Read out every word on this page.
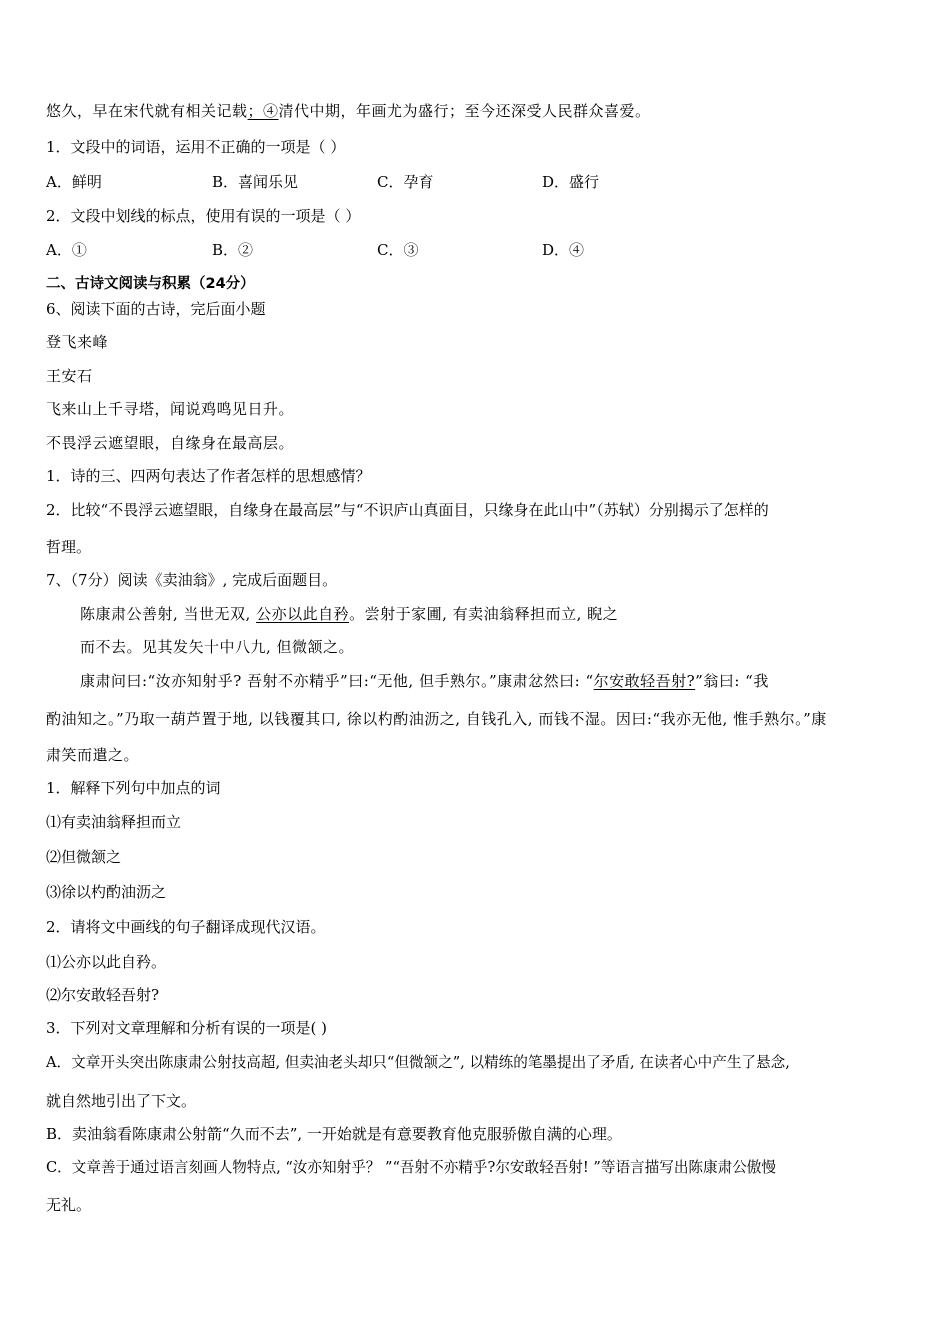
悠久，早在宋代就有相关记载；④清代中期，年画尤为盛行；至今还深受人民群众喜爱。
1．文段中的词语，运用不正确的一项是（ ）
A．鲜明	B．喜闻乐见	C．孕育	D．盛行
2．文段中划线的标点，使用有误的一项是（ ）
A．①	B．②	C．③	D．④
二、古诗文阅读与积累（24分）
6、阅读下面的古诗，完后面小题
登飞来峰
王安石
飞来山上千寻塔，闻说鸡鸣见日升。
不畏浮云遮望眼，自缘身在最高层。
1．诗的三、四两句表达了作者怎样的思想感情？
2．比较“不畏浮云遮望眼，自缘身在最高层”与“不识庐山真面目，只缘身在此山中”（苏轼）分别揭示了怎样的
哲理。
7、（7分）阅读《卖油翁》, 完成后面题目。
陈康肃公善射, 当世无双, 公亦以此自矜。尝射于家圃, 有卖油翁释担而立, 睨之
而不去。见其发矢十中八九, 但微颔之。
康肃问曰:“汝亦知射乎? 吾射不亦精乎”曰:“无他, 但手熟尔。”康肃忿然曰: “尔安敢轻吾射?”翁曰: “我
酌油知之。”乃取一葫芦置于地, 以钱覆其口, 徐以杓酌油沥之, 自钱孔入, 而钱不湿。因曰:“我亦无他, 惟手熟尔。”康
肃笑而遣之。
1．解释下列句中加点的词
⑴有卖油翁释担而立
⑵但微颔之
⑶徐以杓酌油沥之
2．请将文中画线的句子翻译成现代汉语。
⑴公亦以此自矜。
⑵尔安敢轻吾射?
3．下列对文章理解和分析有误的一项是( )
A．文章开头突出陈康肃公射技高超, 但卖油老头却只“但微颔之”, 以精练的笔墨提出了矛盾, 在读者心中产生了悬念,
就自然地引出了下文。
B．卖油翁看陈康肃公射箭“久而不去”, 一开始就是有意要教育他克服骄傲自满的心理。
C．文章善于通过语言刻画人物特点, “汝亦知射乎？ ”“吾射不亦精乎?尔安敢轻吾射! ”等语言描写出陈康肃公傲慢
无礼。
